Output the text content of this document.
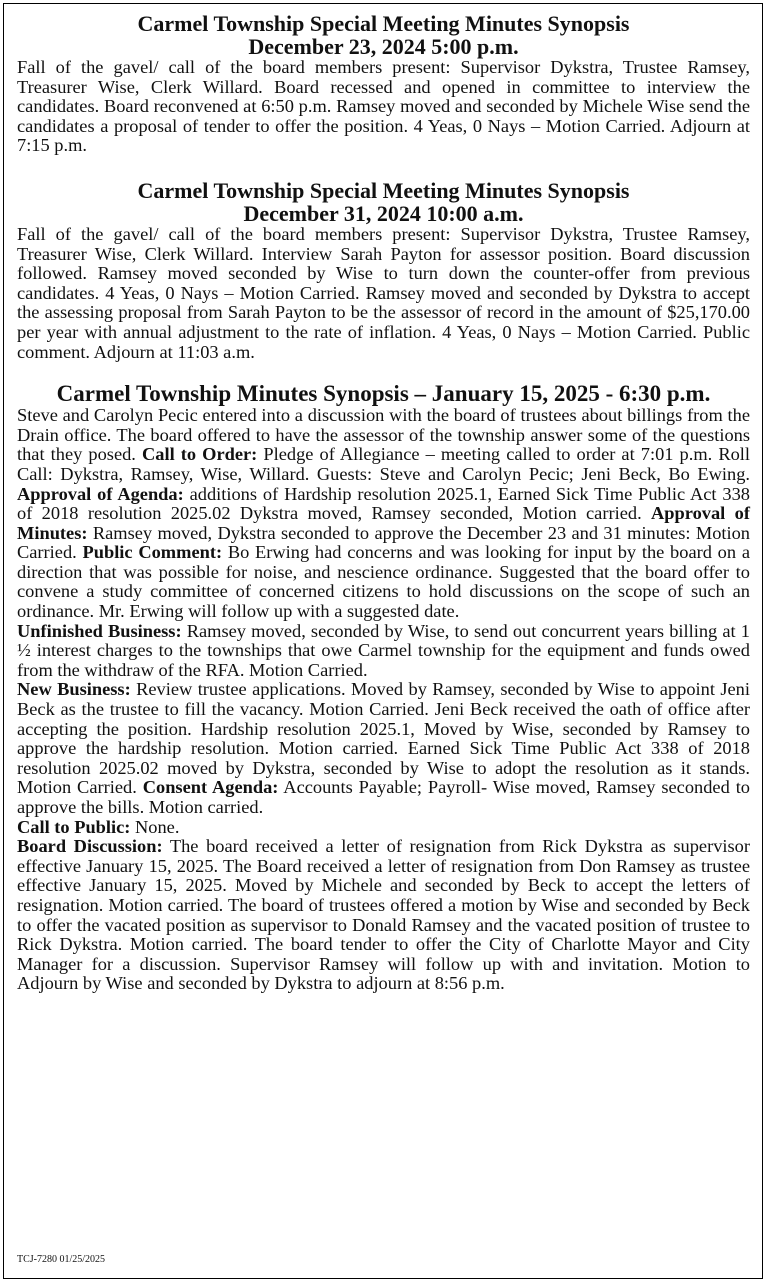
Carmel Township Special Meeting Minutes Synopsis
December 23, 2024 5:00 p.m.

Fall of the gavel/ call of the board members present: Supervisor Dykstra, Trustee Ramsey, Treasurer Wise, Clerk Willard. Board recessed and opened in committee to interview the candidates. Board reconvened at 6:50 p.m. Ramsey moved and seconded by Michele Wise send the candidates a proposal of tender to offer the position. 4 Yeas, 0 Nays – Motion Carried. Adjourn at 7:15 p.m.

Carmel Township Special Meeting Minutes Synopsis
December 31, 2024 10:00 a.m.

Fall of the gavel/ call of the board members present: Supervisor Dykstra, Trustee Ramsey, Treasurer Wise, Clerk Willard. Interview Sarah Payton for assessor position. Board discussion followed. Ramsey moved seconded by Wise to turn down the counter-offer from previous candidates. 4 Yeas, 0 Nays – Motion Carried. Ramsey moved and seconded by Dykstra to accept the assessing proposal from Sarah Payton to be the assessor of record in the amount of $25,170.00 per year with annual adjustment to the rate of inflation. 4 Yeas, 0 Nays – Motion Carried. Public comment. Adjourn at 11:03 a.m.

Carmel Township Minutes Synopsis – January 15, 2025 - 6:30 p.m.

Steve and Carolyn Pecic entered into a discussion with the board of trustees about billings from the Drain office. The board offered to have the assessor of the township answer some of the questions that they posed. Call to Order: Pledge of Allegiance – meeting called to order at 7:01 p.m. Roll Call: Dykstra, Ramsey, Wise, Willard. Guests: Steve and Carolyn Pecic; Jeni Beck, Bo Ewing. Approval of Agenda: additions of Hardship resolution 2025.1, Earned Sick Time Public Act 338 of 2018 resolution 2025.02 Dykstra moved, Ramsey seconded, Motion carried. Approval of Minutes: Ramsey moved, Dykstra seconded to approve the December 23 and 31 minutes: Motion Carried. Public Comment: Bo Erwing had concerns and was looking for input by the board on a direction that was possible for noise, and nescience ordinance. Suggested that the board offer to convene a study committee of concerned citizens to hold discussions on the scope of such an ordinance. Mr. Erwing will follow up with a suggested date.

Unfinished Business: Ramsey moved, seconded by Wise, to send out concurrent years billing at 1 ½ interest charges to the townships that owe Carmel township for the equipment and funds owed from the withdraw of the RFA. Motion Carried.

New Business: Review trustee applications. Moved by Ramsey, seconded by Wise to appoint Jeni Beck as the trustee to fill the vacancy. Motion Carried. Jeni Beck received the oath of office after accepting the position. Hardship resolution 2025.1, Moved by Wise, seconded by Ramsey to approve the hardship resolution. Motion carried. Earned Sick Time Public Act 338 of 2018 resolution 2025.02 moved by Dykstra, seconded by Wise to adopt the resolution as it stands. Motion Carried. Consent Agenda: Accounts Payable; Payroll- Wise moved, Ramsey seconded to approve the bills. Motion carried.

Call to Public: None.

Board Discussion: The board received a letter of resignation from Rick Dykstra as supervisor effective January 15, 2025. The Board received a letter of resignation from Don Ramsey as trustee effective January 15, 2025. Moved by Michele and seconded by Beck to accept the letters of resignation. Motion carried. The board of trustees offered a motion by Wise and seconded by Beck to offer the vacated position as supervisor to Donald Ramsey and the vacated position of trustee to Rick Dykstra. Motion carried. The board tender to offer the City of Charlotte Mayor and City Manager for a discussion. Supervisor Ramsey will follow up with and invitation. Motion to Adjourn by Wise and seconded by Dykstra to adjourn at 8:56 p.m.

TCJ-7280 01/25/2025
